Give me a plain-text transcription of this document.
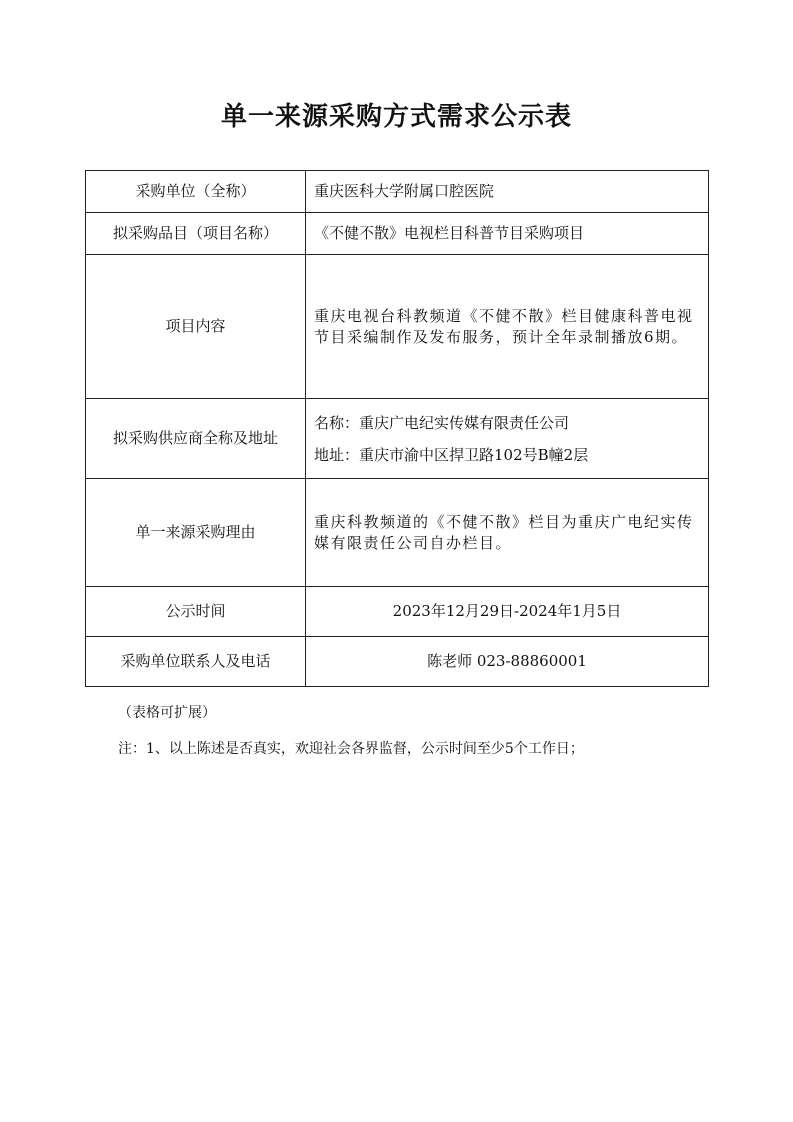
单一来源采购方式需求公示表
采购单位（全称）	重庆医科大学附属口腔医院
拟采购品目（项目名称）	《不健不散》电视栏目科普节目采购项目
项目内容	重庆电视台科教频道《不健不散》栏目健康科普电视节目采编制作及发布服务，预计全年录制播放6期。
拟采购供应商全称及地址	名称：重庆广电纪实传媒有限责任公司
地址：重庆市渝中区捍卫路102号B幢2层

单一来源采购理由	重庆科教频道的《不健不散》栏目为重庆广电纪实传媒有限责任公司自办栏目。
公示时间	2023年12月29日-2024年1月5日
采购单位联系人及电话	陈老师 023-88860001
（表格可扩展）
注：1、以上陈述是否真实，欢迎社会各界监督，公示时间至少5个工作日；
